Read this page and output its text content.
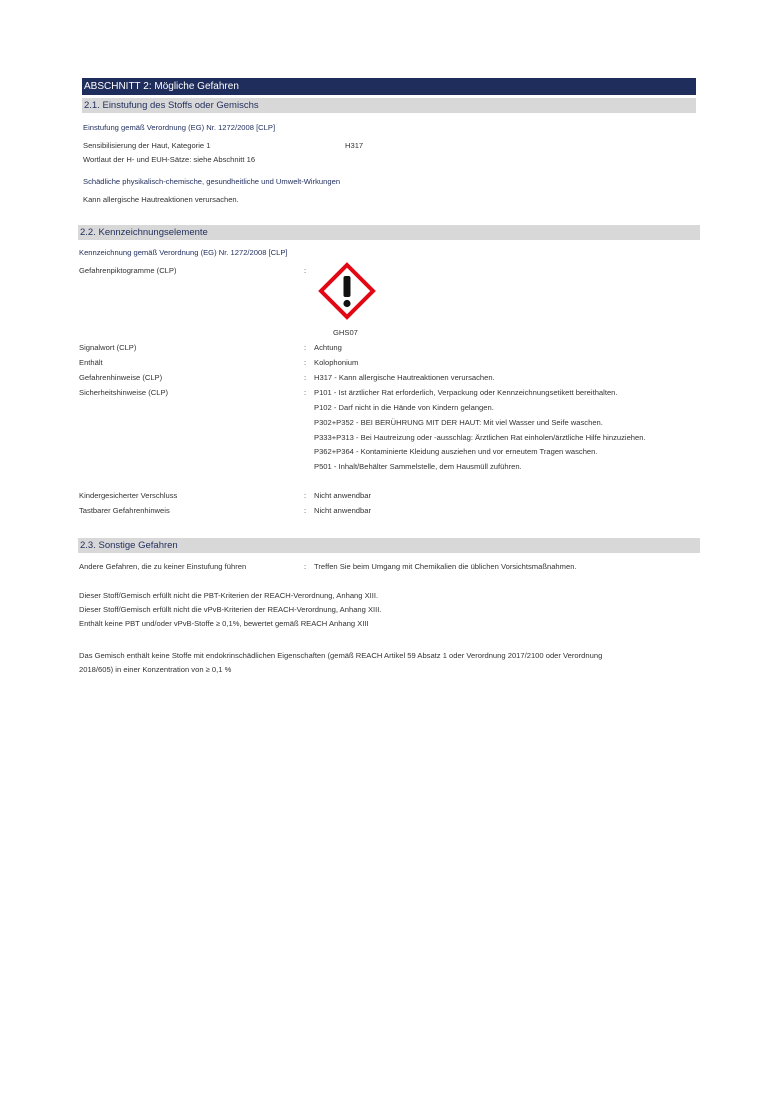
ABSCHNITT 2: Mögliche Gefahren
2.1. Einstufung des Stoffs oder Gemischs
Einstufung gemäß Verordnung (EG) Nr. 1272/2008 [CLP]
Sensibilisierung der Haut, Kategorie 1	H317
Wortlaut der H- und EUH-Sätze: siehe Abschnitt 16
Schädliche physikalisch-chemische, gesundheitliche und Umwelt-Wirkungen
Kann allergische Hautreaktionen verursachen.
2.2. Kennzeichnungselemente
Kennzeichnung gemäß Verordnung (EG) Nr. 1272/2008 [CLP]
Gefahrenpiktogramme (CLP)	:
GHS07
Signalwort (CLP)	: Achtung
Enthält	: Kolophonium
Gefahrenhinweise (CLP)	: H317 - Kann allergische Hautreaktionen verursachen.
Sicherheitshinweise (CLP)	: P101 - Ist ärztlicher Rat erforderlich, Verpackung oder Kennzeichnungsetikett bereithalten.
P102 - Darf nicht in die Hände von Kindern gelangen.
P302+P352 - BEI BERÜHRUNG MIT DER HAUT: Mit viel Wasser und Seife waschen.
P333+P313 - Bei Hautreizung oder -ausschlag: Ärztlichen Rat einholen/ärztliche Hilfe hinzuziehen.
P362+P364 - Kontaminierte Kleidung ausziehen und vor erneutem Tragen waschen.
P501 - Inhalt/Behälter Sammelstelle, dem Hausmüll zuführen.
Kindergesicherter Verschluss	: Nicht anwendbar
Tastbarer Gefahrenhinweis	: Nicht anwendbar
2.3. Sonstige Gefahren
Andere Gefahren, die zu keiner Einstufung führen	: Treffen Sie beim Umgang mit Chemikalien die üblichen Vorsichtsmaßnahmen.
Dieser Stoff/Gemisch erfüllt nicht die PBT-Kriterien der REACH-Verordnung, Anhang XIII.
Dieser Stoff/Gemisch erfüllt nicht die vPvB-Kriterien der REACH-Verordnung, Anhang XIII.
Enthält keine PBT und/oder vPvB-Stoffe ≥ 0,1%, bewertet gemäß REACH Anhang XIII
Das Gemisch enthält keine Stoffe mit endokrinschädlichen Eigenschaften (gemäß REACH Artikel 59 Absatz 1 oder Verordnung 2017/2100 oder Verordnung
2018/605) in einer Konzentration von ≥ 0,1 %
